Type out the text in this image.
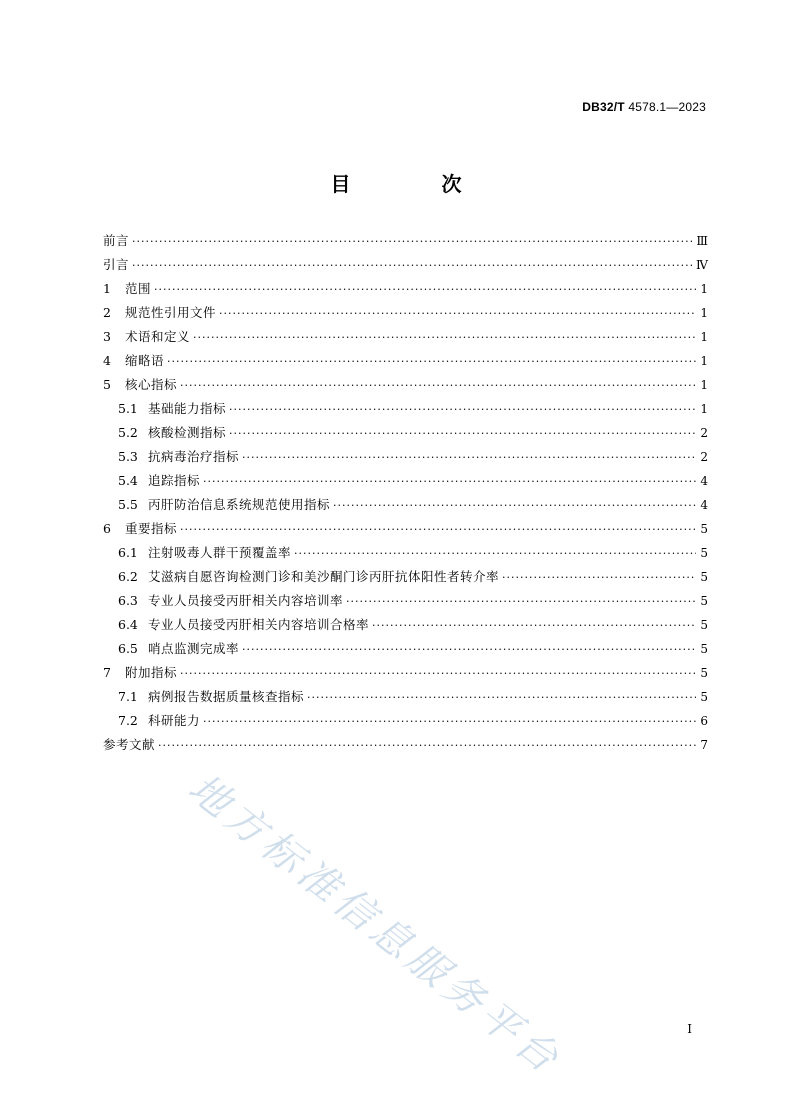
DB32/T 4578.1—2023
目 次
前言 ·····	Ⅲ
引言 ·····	Ⅳ
1	范围 ·····	1
2	规范性引用文件 ·····	1
3	术语和定义 ·····	1
4	缩略语 ·····	1
5	核心指标 ·····	1
5.1 基础能力指标 ·····	1
5.2 核酸检测指标 ·····	2
5.3 抗病毒治疗指标 ·····	2
5.4 追踪指标 ·····	4
5.5 丙肝防治信息系统规范使用指标 ·····	4
6	重要指标 ·····	5
6.1 注射吸毒人群干预覆盖率 ·····	5
6.2 艾滋病自愿咨询检测门诊和美沙酮门诊丙肝抗体阳性者转介率 ·····	5
6.3 专业人员接受丙肝相关内容培训率 ·····	5
6.4 专业人员接受丙肝相关内容培训合格率 ·····	5
6.5 哨点监测完成率 ·····	5
7	附加指标 ·····	5
7.1 病例报告数据质量核查指标 ·····	5
7.2 科研能力 ·····	6
参考文献 ·····	7
地方标准信息服务平台	I
